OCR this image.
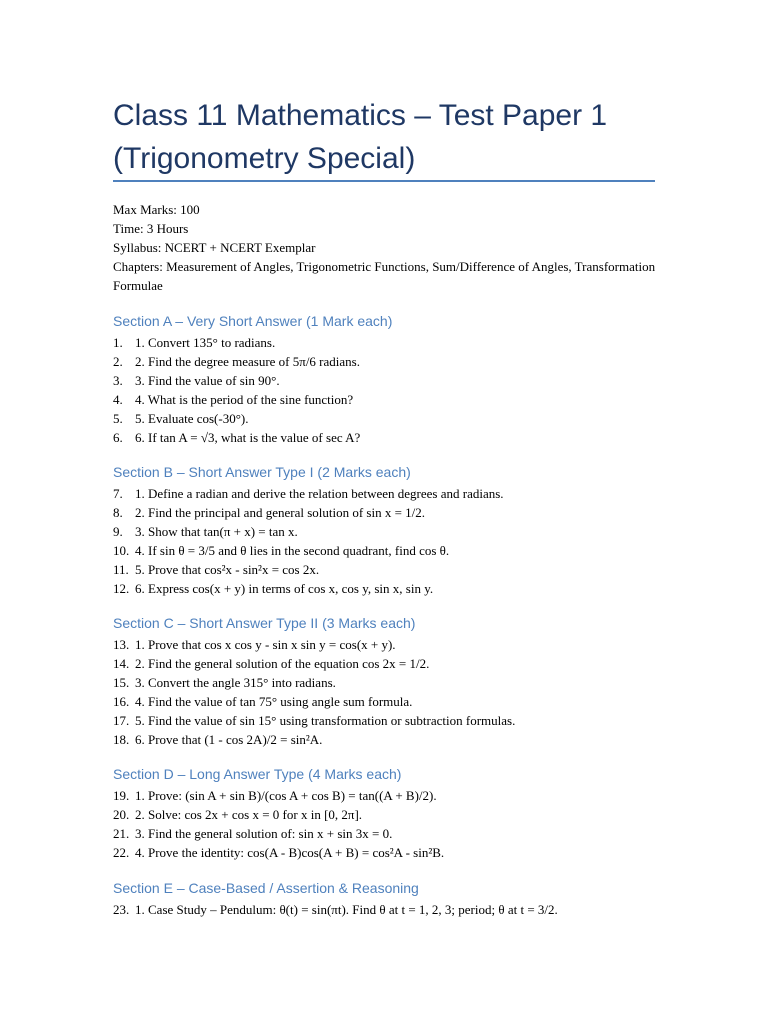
Class 11 Mathematics – Test Paper 1 (Trigonometry Special)
Max Marks: 100
Time: 3 Hours
Syllabus: NCERT + NCERT Exemplar
Chapters: Measurement of Angles, Trigonometric Functions, Sum/Difference of Angles, Transformation Formulae
Section A – Very Short Answer (1 Mark each)
1. 1. Convert 135° to radians.
2. 2. Find the degree measure of 5π/6 radians.
3. 3. Find the value of sin 90°.
4. 4. What is the period of the sine function?
5. 5. Evaluate cos(-30°).
6. 6. If tan A = √3, what is the value of sec A?
Section B – Short Answer Type I (2 Marks each)
7. 1. Define a radian and derive the relation between degrees and radians.
8. 2. Find the principal and general solution of sin x = 1/2.
9. 3. Show that tan(π + x) = tan x.
10. 4. If sin θ = 3/5 and θ lies in the second quadrant, find cos θ.
11. 5. Prove that cos²x - sin²x = cos 2x.
12. 6. Express cos(x + y) in terms of cos x, cos y, sin x, sin y.
Section C – Short Answer Type II (3 Marks each)
13. 1. Prove that cos x cos y - sin x sin y = cos(x + y).
14. 2. Find the general solution of the equation cos 2x = 1/2.
15. 3. Convert the angle 315° into radians.
16. 4. Find the value of tan 75° using angle sum formula.
17. 5. Find the value of sin 15° using transformation or subtraction formulas.
18. 6. Prove that (1 - cos 2A)/2 = sin²A.
Section D – Long Answer Type (4 Marks each)
19. 1. Prove: (sin A + sin B)/(cos A + cos B) = tan((A + B)/2).
20. 2. Solve: cos 2x + cos x = 0 for x in [0, 2π].
21. 3. Find the general solution of: sin x + sin 3x = 0.
22. 4. Prove the identity: cos(A - B)cos(A + B) = cos²A - sin²B.
Section E – Case-Based / Assertion & Reasoning
23. 1. Case Study – Pendulum: θ(t) = sin(πt). Find θ at t = 1, 2, 3; period; θ at t = 3/2.
